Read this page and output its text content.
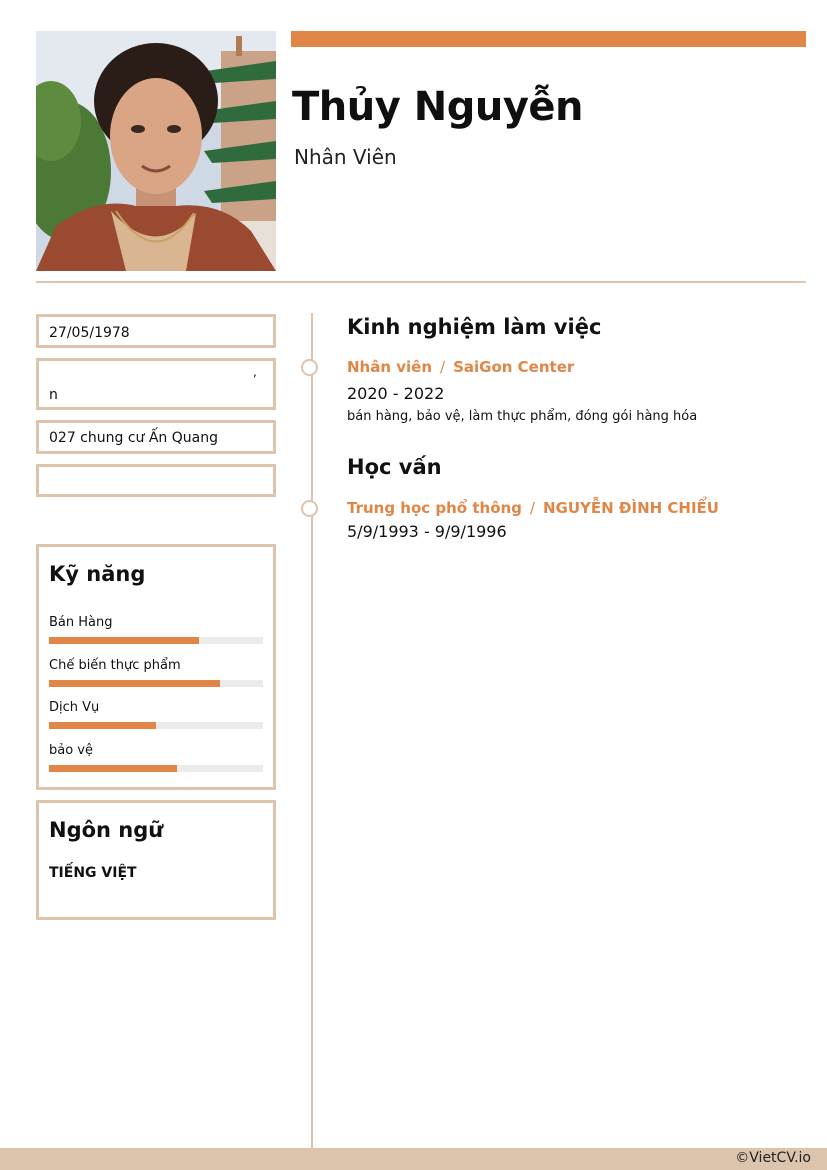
Thủy Nguyễn
Nhân Viên
27/05/1978
,
n
027 chung cư Ấn Quang
Kỹ năng
Bán Hàng
Chế biến thực phẩm
Dịch Vụ
bảo vệ
Ngôn ngữ
TIẾNG VIỆT
Kinh nghiệm làm việc
Nhân viên / SaiGon Center
2020 - 2022
bán hàng, bảo vệ, làm thực phẩm, đóng gói hàng hóa
Học vấn
Trung học phổ thông / NGUYỄN ĐÌNH CHIỂU
5/9/1993 - 9/9/1996
©VietCV.io
